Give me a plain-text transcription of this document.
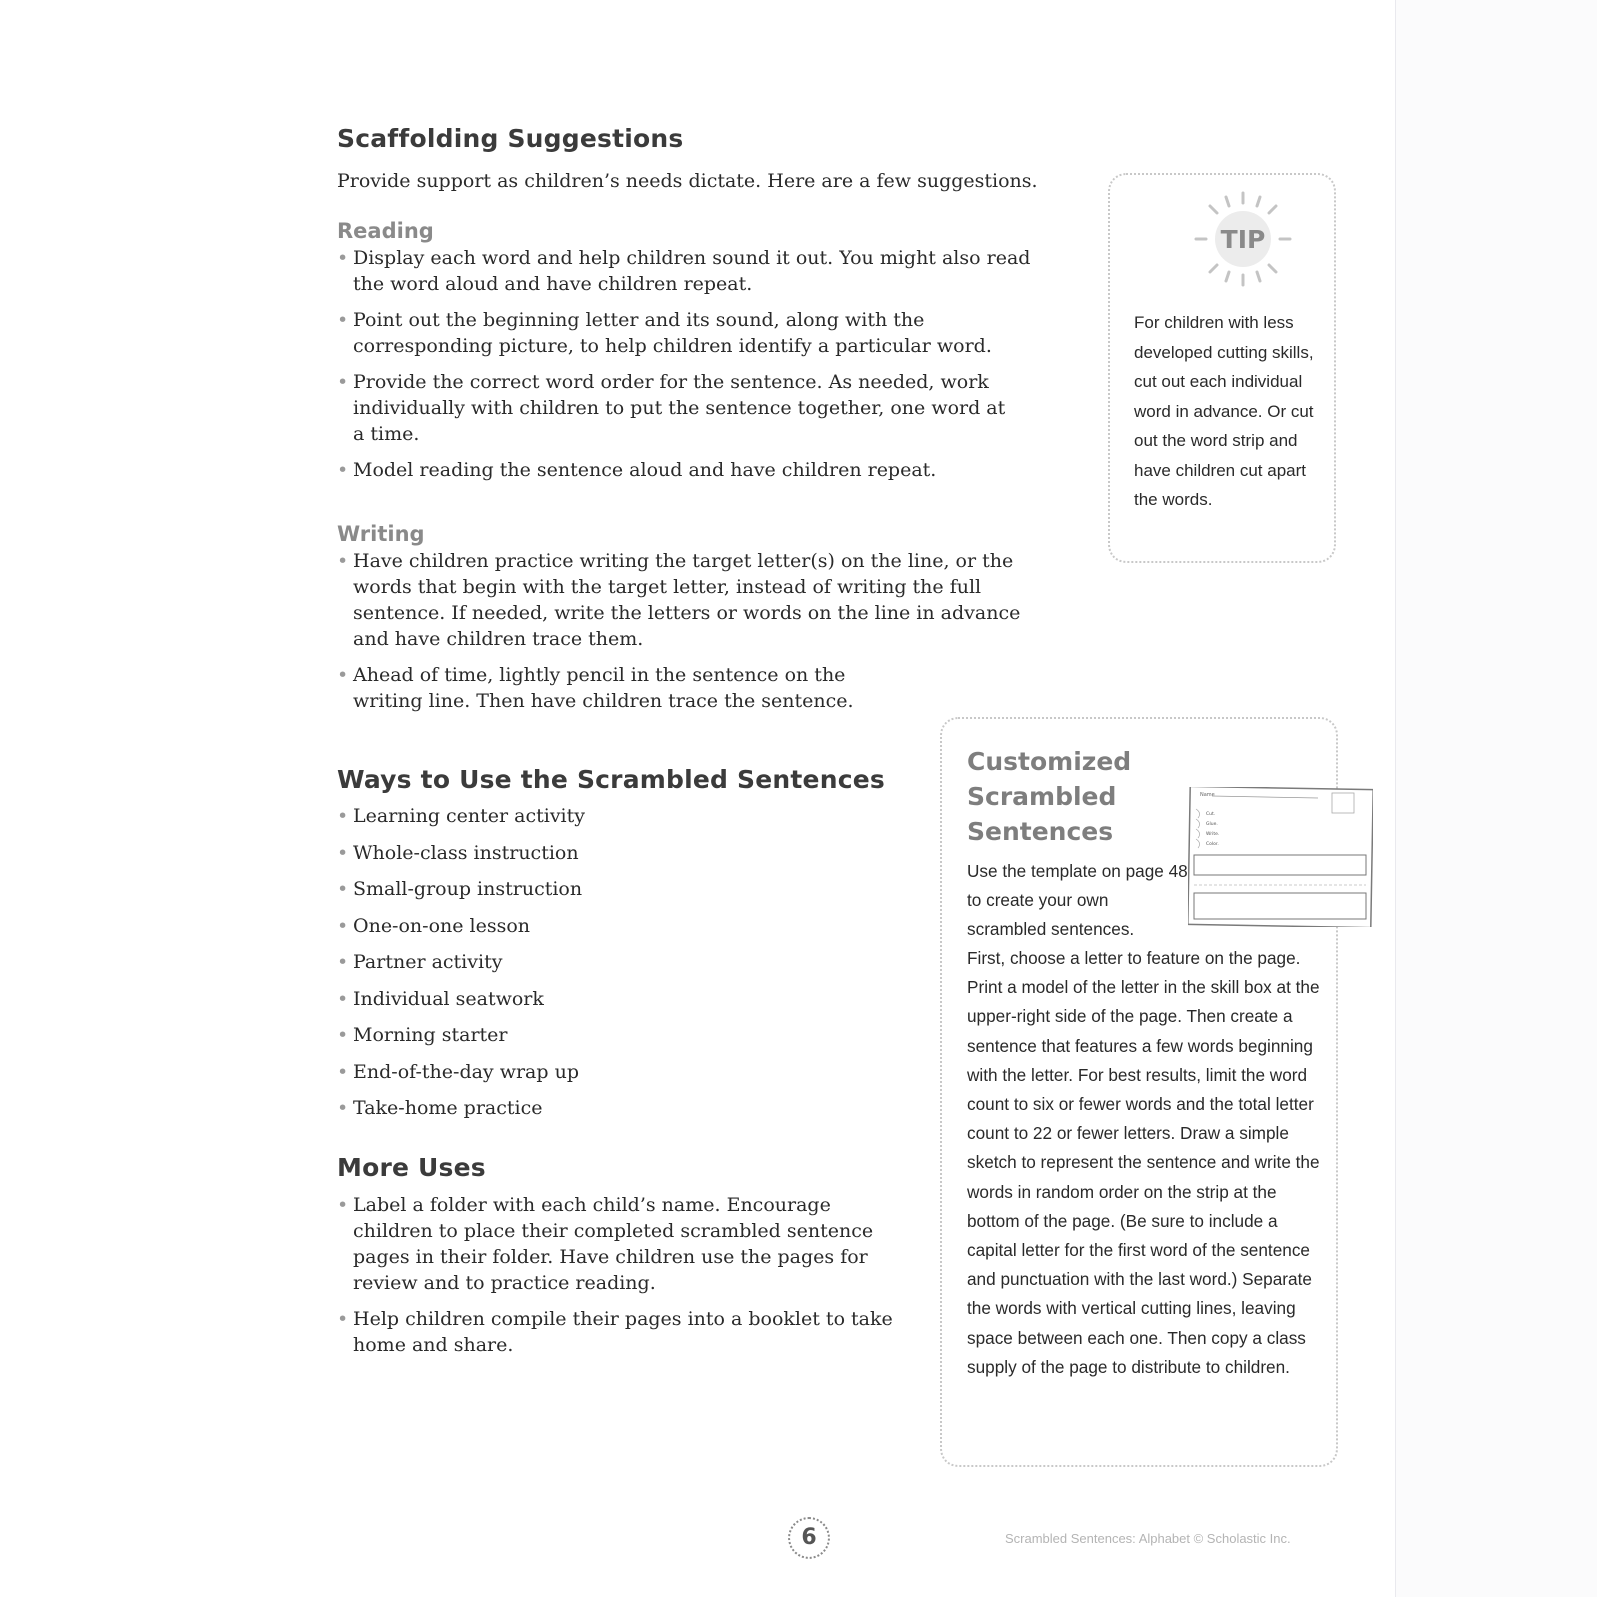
Scaffolding Suggestions

Provide support as children’s needs dictate. Here are a few suggestions.

Reading
• Display each word and help children sound it out. You might also read the word aloud and have children repeat.
• Point out the beginning letter and its sound, along with the corresponding picture, to help children identify a particular word.
• Provide the correct word order for the sentence. As needed, work individually with children to put the sentence together, one word at a time.
• Model reading the sentence aloud and have children repeat.
Writing
• Have children practice writing the target letter(s) on the line, or the words that begin with the target letter, instead of writing the full sentence. If needed, write the letters or words on the line in advance and have children trace them.
• Ahead of time, lightly pencil in the sentence on the writing line. Then have children trace the sentence.
Ways to Use the Scrambled Sentences
• Learning center activity
• Whole-class instruction
• Small-group instruction
• One-on-one lesson
• Partner activity
• Individual seatwork
• Morning starter
• End-of-the-day wrap up
• Take-home practice
More Uses
• Label a folder with each child’s name. Encourage children to place their completed scrambled sentence pages in their folder. Have children use the pages for review and to practice reading.
• Help children compile their pages into a booklet to take home and share.
TIP
For children with less developed cutting skills, cut out each individual word in advance. Or cut out the word strip and have children cut apart the words.
Customized
Scrambled
Sentences
Use the template on page 48 to create your own scrambled sentences.
Name
Cut.
Glue.
Write.
Color.
First, choose a letter to feature on the page. Print a model of the letter in the skill box at the upper-right side of the page. Then create a sentence that features a few words beginning with the letter. For best results, limit the word count to six or fewer words and the total letter count to 22 or fewer letters. Draw a simple sketch to represent the sentence and write the words in random order on the strip at the bottom of the page. (Be sure to include a capital letter for the first word of the sentence and punctuation with the last word.) Separate the words with vertical cutting lines, leaving space between each one. Then copy a class supply of the page to distribute to children.
6	Scrambled Sentences: Alphabet © Scholastic Inc.
